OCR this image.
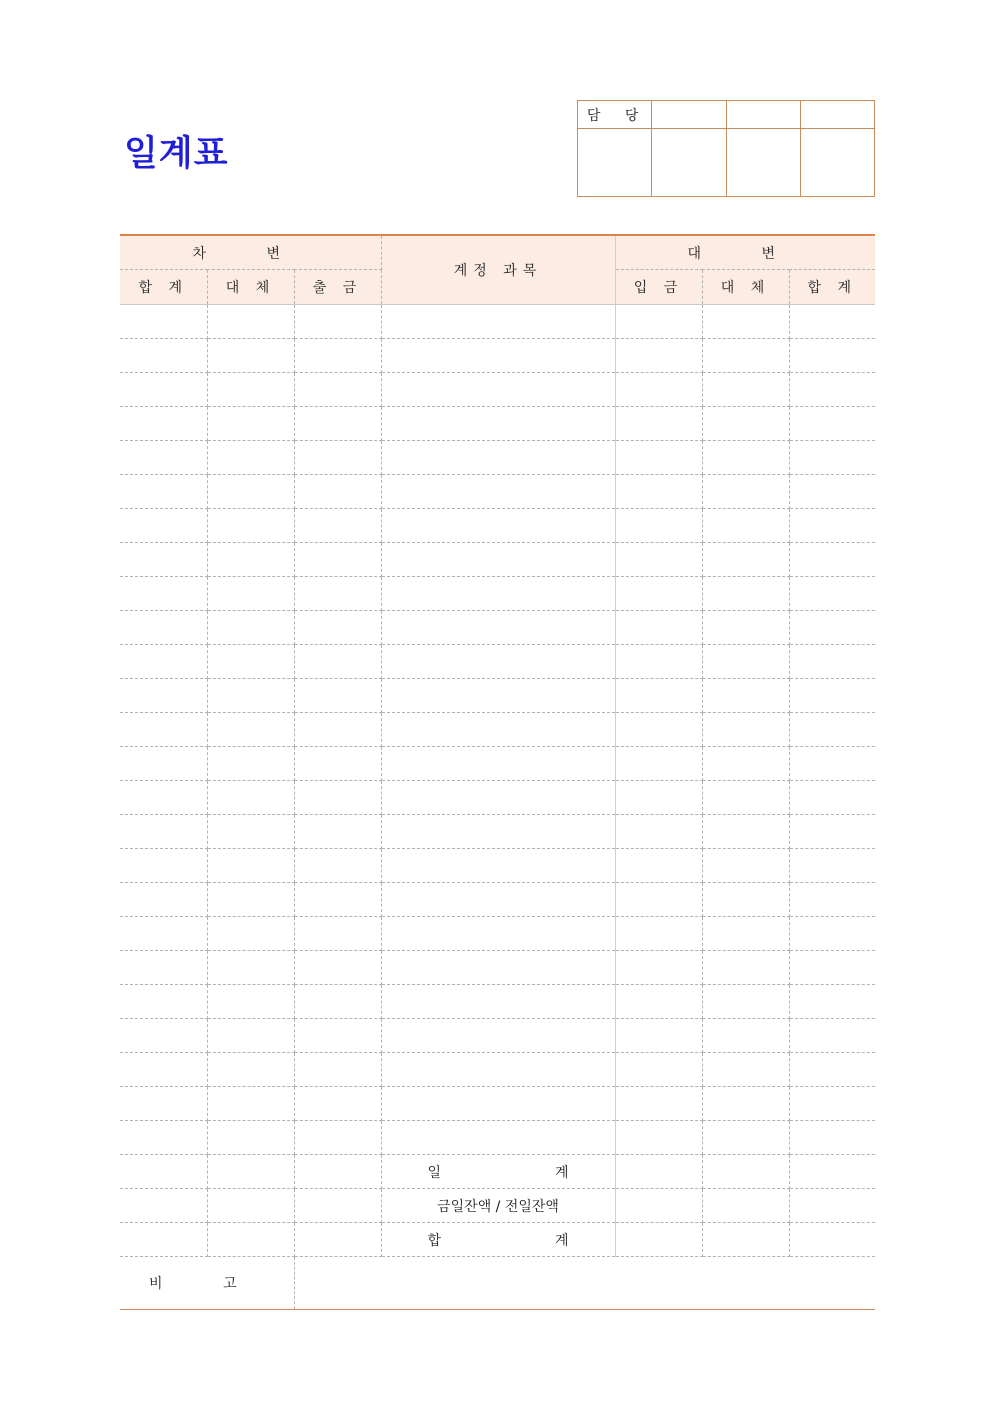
일계표
담 당			

차 변			계정 과목	대 변		
합 계	대 체	출 금		입 금	대 체	합 계

			일 계			

			금일잔액 / 전일잔액			

			합 계			

비 고						
